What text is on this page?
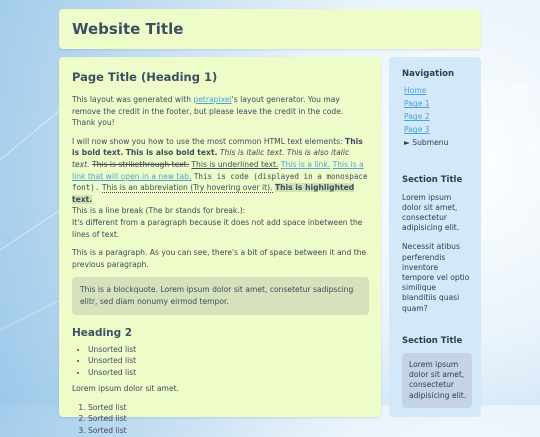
Website Title
Page Title (Heading 1)

This layout was generated with petrapixel's layout generator. You may remove the credit in the footer, but please leave the credit in the code. Thank you!

I will now show you how to use the most common HTML text elements: This is bold text. This is also bold text. This is italic text. This is also italic text. This is strikethrough text. This is underlined text. This is a link. This is a link that will open in a new tab. This is code (displayed in a monospace font). This is an abbreviation (Try hovering over it). This is highlighted text.
This is a line break (The br stands for break.):
It's different from a paragraph because it does not add space inbetween the lines of text.

This is a paragraph. As you can see, there's a bit of space between it and the previous paragraph.

This is a blockquote. Lorem ipsum dolor sit amet, consetetur sadipscing elitr, sed diam nonumy eirmod tempor.
Heading 2
• Unsorted list
• Unsorted list
• Unsorted list

Lorem ipsum dolor sit amet.

1. Sorted list
2. Sorted list
3. Sorted list
Navigation
Home
Page 1
Page 2
Page 3
► Submenu
Section Title

Lorem ipsum dolor sit amet, consectetur adipisicing elit.

Necessit atibus perferendis inventore tempore vel optio similique blanditiis quasi quam?

Section Title
Lorem ipsum dolor sit amet, consectetur adipisicing elit.
